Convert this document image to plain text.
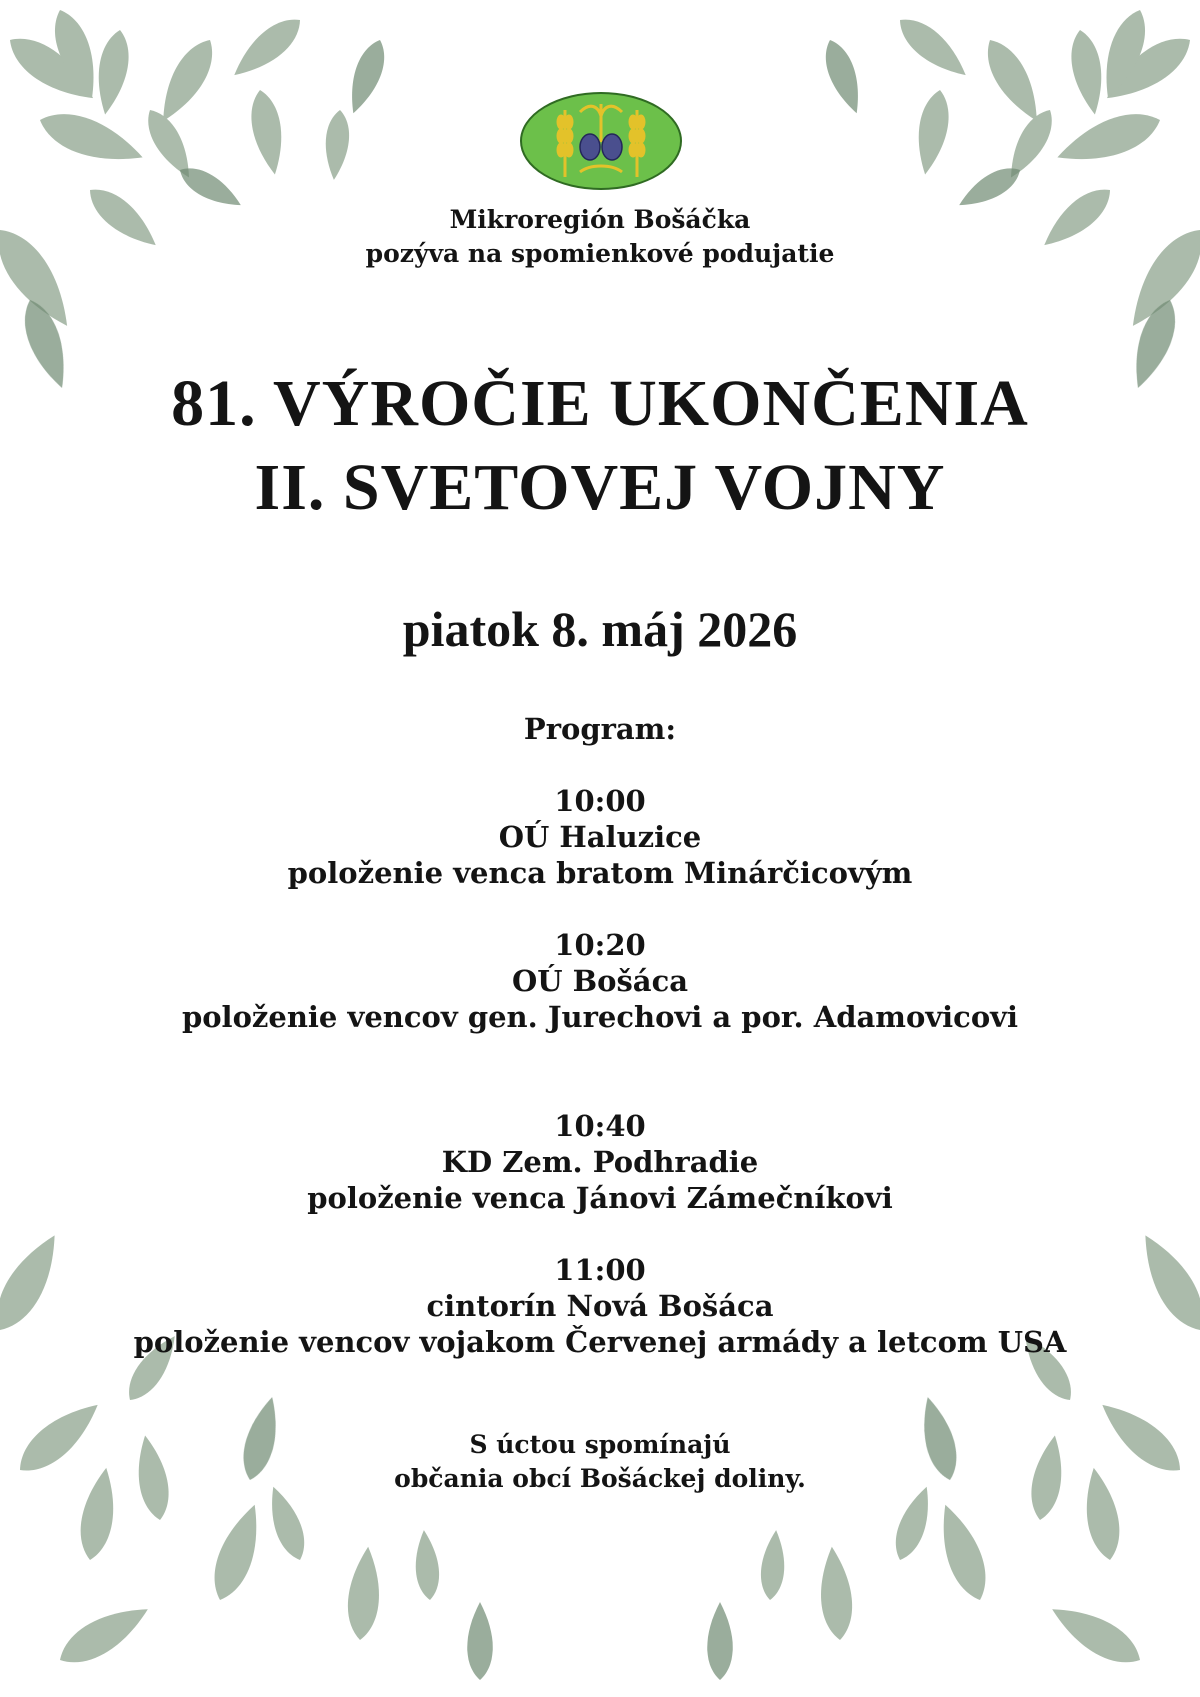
Mikroregión Bošáčka

pozýva na spomienkové podujatie

81. VÝROČIE UKONČENIA
II. SVETOVEJ VOJNY

piatok 8. máj 2026

Program:

10:00
OÚ Haluzice
položenie venca bratom Minárčicovým
10:20
OÚ Bošáca
položenie vencov gen. Jurechovi a por. Adamovicovi
10:40
KD Zem. Podhradie
položenie venca Jánovi Zámečníkovi
11:00
cintorín Nová Bošáca
položenie vencov vojakom Červenej armády a letcom USA

S úctou spomínajú

občania obcí Bošáckej doliny.
